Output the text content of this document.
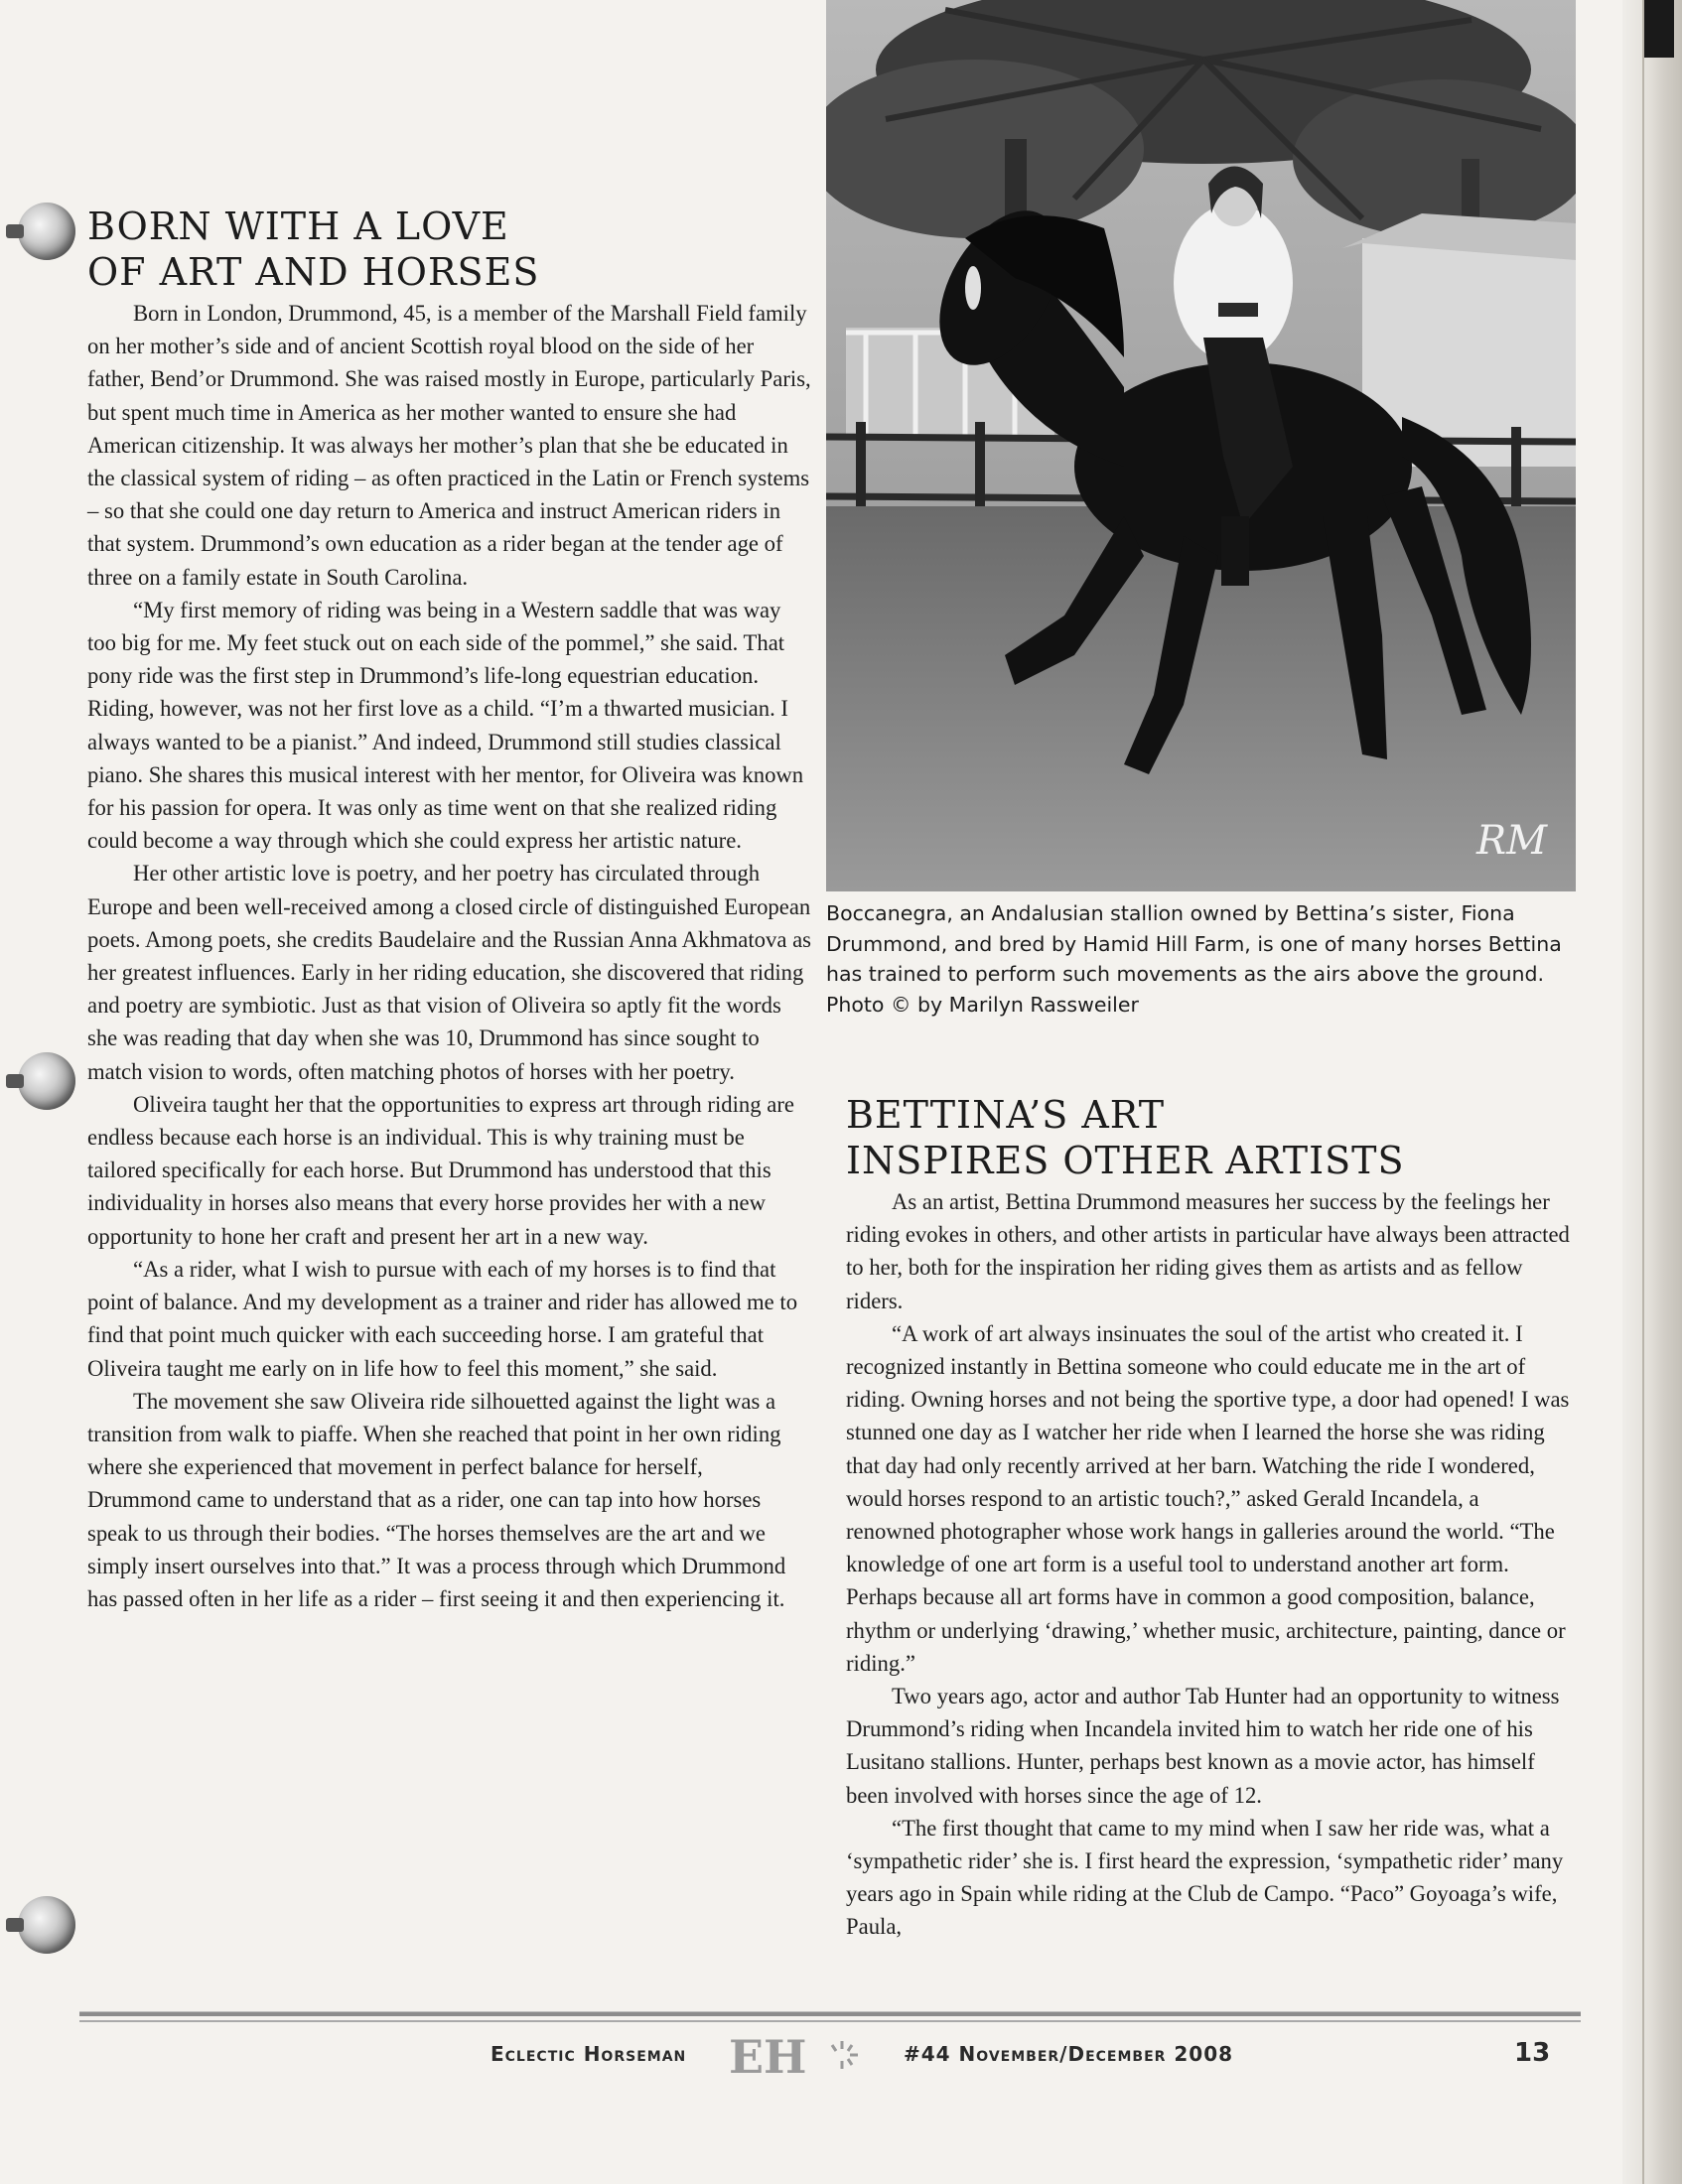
BORN WITH A LOVE
OF ART AND HORSES

Born in London, Drummond, 45, is a member of the Marshall Field family on her mother’s side and of ancient Scottish royal blood on the side of her father, Bend’or Drummond. She was raised mostly in Europe, particularly Paris, but spent much time in America as her mother wanted to ensure she had American citizenship. It was always her mother’s plan that she be educated in the classical system of riding – as often practiced in the Latin or French systems – so that she could one day return to America and instruct American riders in that system. Drummond’s own education as a rider began at the tender age of three on a family estate in South Carolina.

“My first memory of riding was being in a Western saddle that was way too big for me. My feet stuck out on each side of the pommel,” she said. That pony ride was the first step in Drummond’s life-long equestrian education. Riding, however, was not her first love as a child. “I’m a thwarted musician. I always wanted to be a pianist.” And indeed, Drummond still studies classical piano. She shares this musical interest with her mentor, for Oliveira was known for his passion for opera. It was only as time went on that she realized riding could become a way through which she could express her artistic nature.

Her other artistic love is poetry, and her poetry has circulated through Europe and been well-received among a closed circle of distinguished European poets. Among poets, she credits Baudelaire and the Russian Anna Akhmatova as her greatest influences. Early in her riding education, she discovered that riding and poetry are symbiotic. Just as that vision of Oliveira so aptly fit the words she was reading that day when she was 10, Drummond has since sought to match vision to words, often matching photos of horses with her poetry.

Oliveira taught her that the opportunities to express art through riding are endless because each horse is an individual. This is why training must be tailored specifically for each horse. But Drummond has understood that this individuality in horses also means that every horse provides her with a new opportunity to hone her craft and present her art in a new way.

“As a rider, what I wish to pursue with each of my horses is to find that point of balance. And my development as a trainer and rider has allowed me to find that point much quicker with each succeeding horse. I am grateful that Oliveira taught me early on in life how to feel this moment,” she said.

The movement she saw Oliveira ride silhouetted against the light was a transition from walk to piaffe. When she reached that point in her own riding where she experienced that movement in perfect balance for herself, Drummond came to understand that as a rider, one can tap into how horses speak to us through their bodies. “The horses themselves are the art and we simply insert ourselves into that.” It was a process through which Drummond has passed often in her life as a rider – first seeing it and then experiencing it.

RM
Boccanegra, an Andalusian stallion owned by Bettina’s sister, Fiona Drummond, and bred by Hamid Hill Farm, is one of many horses Bettina has trained to perform such movements as the airs above the ground. Photo © by Marilyn Rassweiler
BETTINA’S ART
INSPIRES OTHER ARTISTS

As an artist, Bettina Drummond measures her success by the feelings her riding evokes in others, and other artists in particular have always been attracted to her, both for the inspiration her riding gives them as artists and as fellow riders.

“A work of art always insinuates the soul of the artist who created it. I recognized instantly in Bettina someone who could educate me in the art of riding. Owning horses and not being the sportive type, a door had opened! I was stunned one day as I watcher her ride when I learned the horse she was riding that day had only recently arrived at her barn. Watching the ride I wondered, would horses respond to an artistic touch?,” asked Gerald Incandela, a renowned photographer whose work hangs in galleries around the world. “The knowledge of one art form is a useful tool to understand another art form. Perhaps because all art forms have in common a good composition, balance, rhythm or underlying ‘drawing,’ whether music, architecture, painting, dance or riding.”

Two years ago, actor and author Tab Hunter had an opportunity to witness Drummond’s riding when Incandela invited him to watch her ride one of his Lusitano stallions. Hunter, perhaps best known as a movie actor, has himself been involved with horses since the age of 12.

“The first thought that came to my mind when I saw her ride was, what a ‘sympathetic rider’ she is. I first heard the expression, ‘sympathetic rider’ many years ago in Spain while riding at the Club de Campo. “Paco” Goyoaga’s wife, Paula,

Eclectic Horseman EH	#44 November/December 2008	13
